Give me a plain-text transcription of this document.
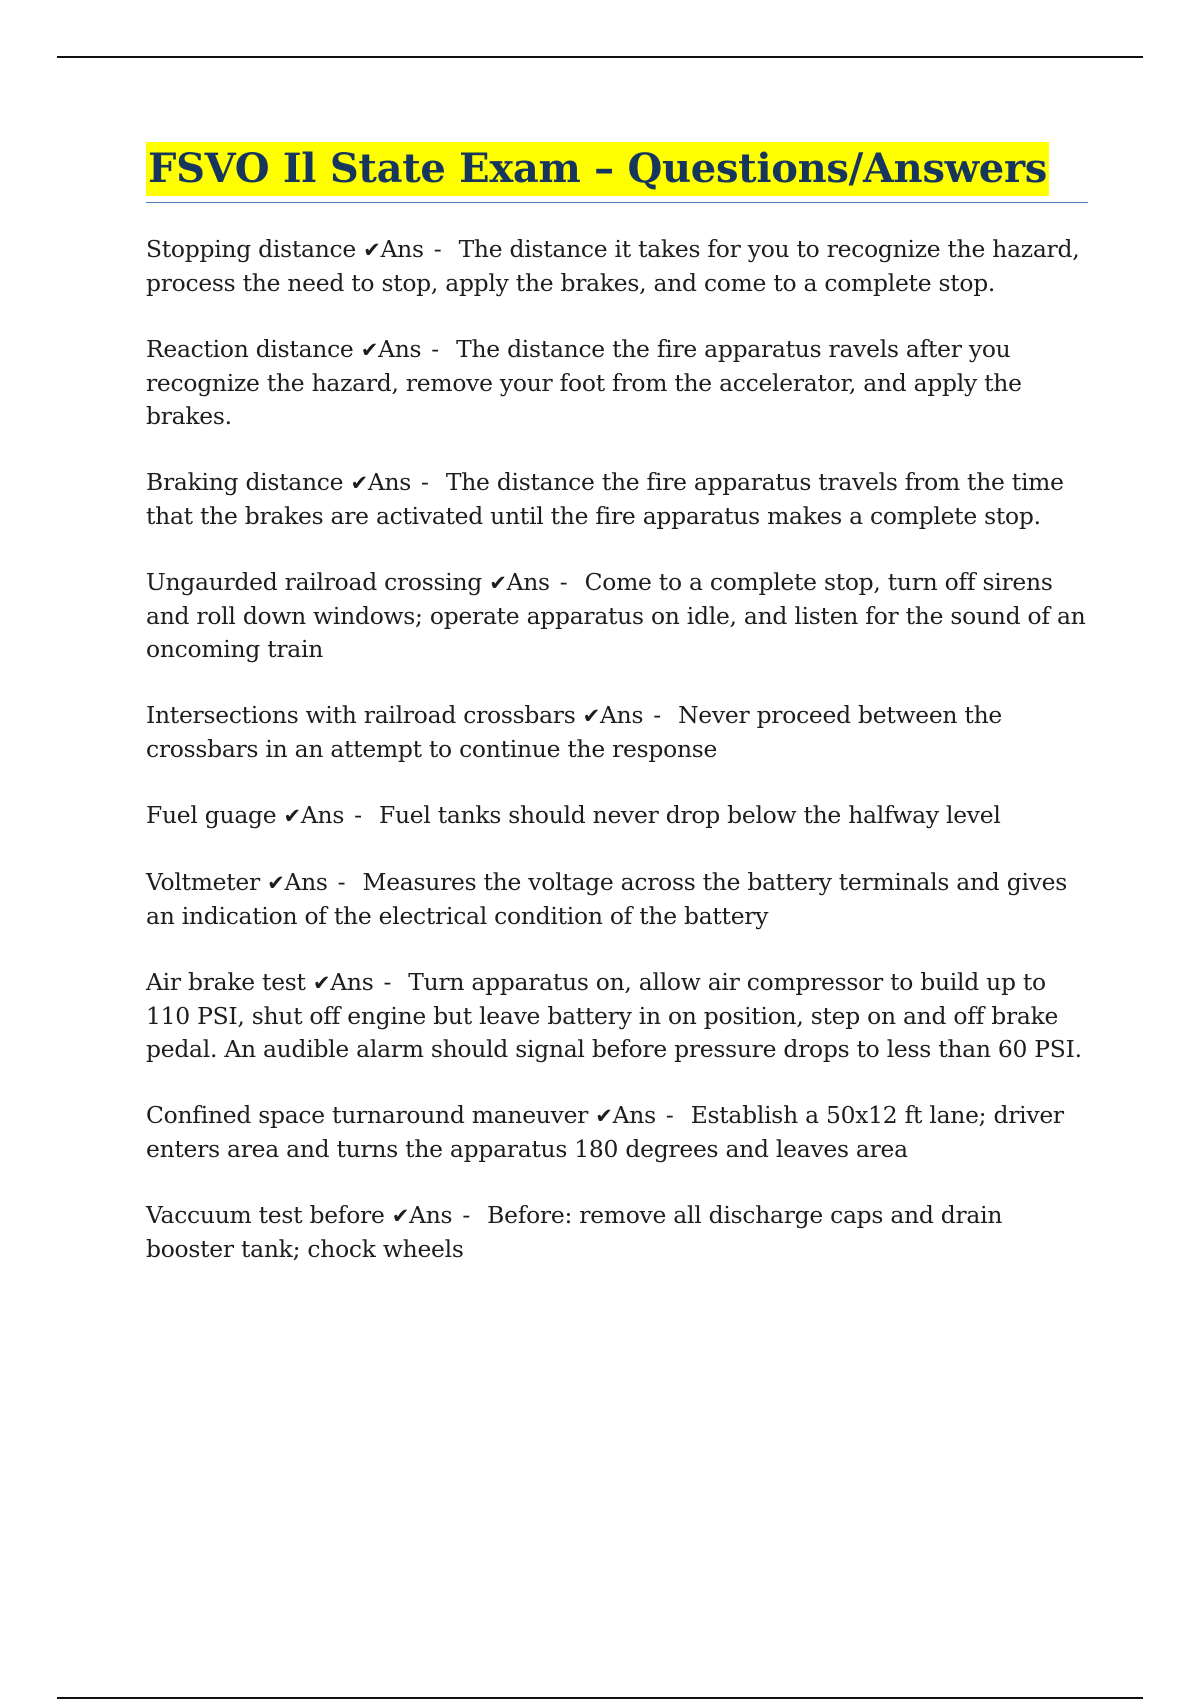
FSVO Il State Exam – Questions/Answers

Stopping distance ✔Ans - The distance it takes for you to recognize the hazard, process the need to stop, apply the brakes, and come to a complete stop.

Reaction distance ✔Ans - The distance the fire apparatus ravels after you recognize the hazard, remove your foot from the accelerator, and apply the brakes.

Braking distance ✔Ans - The distance the fire apparatus travels from the time that the brakes are activated until the fire apparatus makes a complete stop.

Ungaurded railroad crossing ✔Ans - Come to a complete stop, turn off sirens and roll down windows; operate apparatus on idle, and listen for the sound of an oncoming train

Intersections with railroad crossbars ✔Ans - Never proceed between the crossbars in an attempt to continue the response

Fuel guage ✔Ans - Fuel tanks should never drop below the halfway level

Voltmeter ✔Ans - Measures the voltage across the battery terminals and gives an indication of the electrical condition of the battery

Air brake test ✔Ans - Turn apparatus on, allow air compressor to build up to 110 PSI, shut off engine but leave battery in on position, step on and off brake pedal. An audible alarm should signal before pressure drops to less than 60 PSI.

Confined space turnaround maneuver ✔Ans - Establish a 50x12 ft lane; driver enters area and turns the apparatus 180 degrees and leaves area

Vaccuum test before ✔Ans - Before: remove all discharge caps and drain booster tank; chock wheels
